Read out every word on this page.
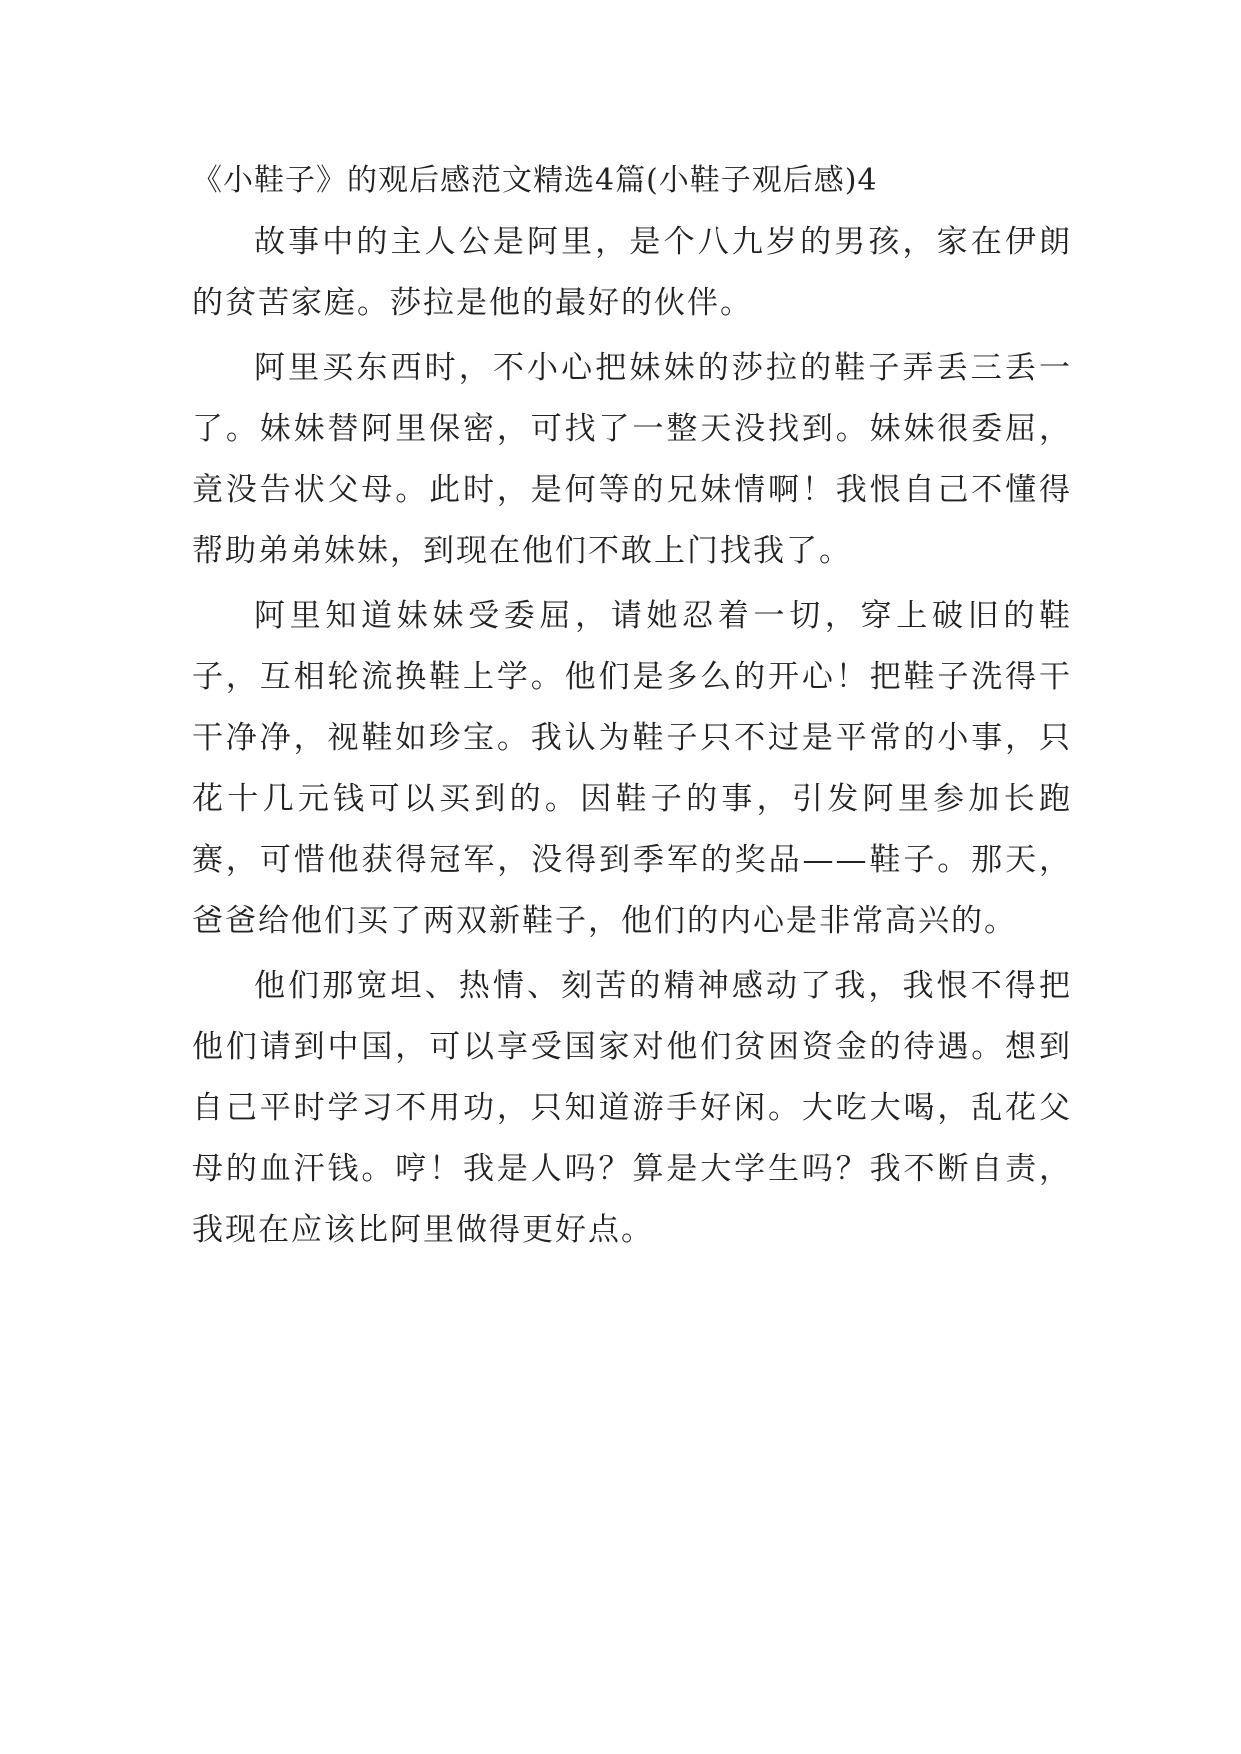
《小鞋子》的观后感范文精选4篇(小鞋子观后感)4

故事中的主人公是阿里，是个八九岁的男孩，家在伊朗的贫苦家庭。莎拉是他的最好的伙伴。

阿里买东西时，不小心把妹妹的莎拉的鞋子弄丢三丢一了。妹妹替阿里保密，可找了一整天没找到。妹妹很委屈，竟没告状父母。此时，是何等的兄妹情啊！我恨自己不懂得帮助弟弟妹妹，到现在他们不敢上门找我了。

阿里知道妹妹受委屈，请她忍着一切，穿上破旧的鞋子，互相轮流换鞋上学。他们是多么的开心！把鞋子洗得干干净净，视鞋如珍宝。我认为鞋子只不过是平常的小事，只花十几元钱可以买到的。因鞋子的事，引发阿里参加长跑赛，可惜他获得冠军，没得到季军的奖品——鞋子。那天，爸爸给他们买了两双新鞋子，他们的内心是非常高兴的。

他们那宽坦、热情、刻苦的精神感动了我，我恨不得把他们请到中国，可以享受国家对他们贫困资金的待遇。想到自己平时学习不用功，只知道游手好闲。大吃大喝，乱花父母的血汗钱。哼！我是人吗？算是大学生吗？我不断自责，我现在应该比阿里做得更好点。
